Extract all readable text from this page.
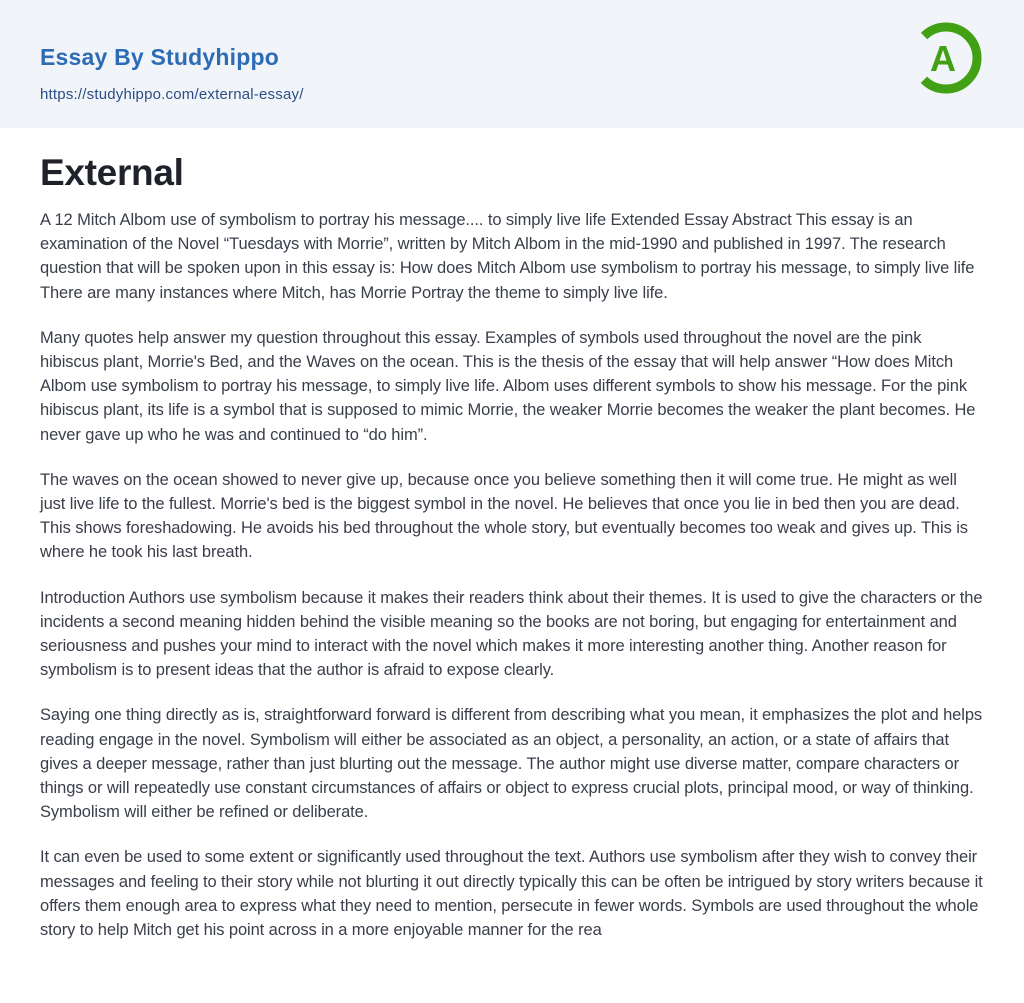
Essay By Studyhippo
https://studyhippo.com/external-essay/
A
External

A 12 Mitch Albom use of symbolism to portray his message.... to simply live life Extended Essay Abstract This essay is an examination of the Novel “Tuesdays with Morrie”, written by Mitch Albom in the mid-1990 and published in 1997. The research question that will be spoken upon in this essay is: How does Mitch Albom use symbolism to portray his message, to simply live life There are many instances where Mitch, has Morrie Portray the theme to simply live life.

Many quotes help answer my question throughout this essay. Examples of symbols used throughout the novel are the pink hibiscus plant, Morrie's Bed, and the Waves on the ocean. This is the thesis of the essay that will help answer “How does Mitch Albom use symbolism to portray his message, to simply live life. Albom uses different symbols to show his message. For the pink hibiscus plant, its life is a symbol that is supposed to mimic Morrie, the weaker Morrie becomes the weaker the plant becomes. He never gave up who he was and continued to “do him”.

The waves on the ocean showed to never give up, because once you believe something then it will come true. He might as well just live life to the fullest. Morrie's bed is the biggest symbol in the novel. He believes that once you lie in bed then you are dead. This shows foreshadowing. He avoids his bed throughout the whole story, but eventually becomes too weak and gives up. This is where he took his last breath.

Introduction Authors use symbolism because it makes their readers think about their themes. It is used to give the characters or the incidents a second meaning hidden behind the visible meaning so the books are not boring, but engaging for entertainment and seriousness and pushes your mind to interact with the novel which makes it more interesting another thing. Another reason for symbolism is to present ideas that the author is afraid to expose clearly.

Saying one thing directly as is, straightforward forward is different from describing what you mean, it emphasizes the plot and helps reading engage in the novel. Symbolism will either be associated as an object, a personality, an action, or a state of affairs that gives a deeper message, rather than just blurting out the message. The author might use diverse matter, compare characters or things or will repeatedly use constant circumstances of affairs or object to express crucial plots, principal mood, or way of thinking. Symbolism will either be refined or deliberate.

It can even be used to some extent or significantly used throughout the text. Authors use symbolism after they wish to convey their messages and feeling to their story while not blurting it out directly typically this can be often be intrigued by story writers because it offers them enough area to express what they need to mention, persecute in fewer words. Symbols are used throughout the whole story to help Mitch get his point across in a more enjoyable manner for the rea
